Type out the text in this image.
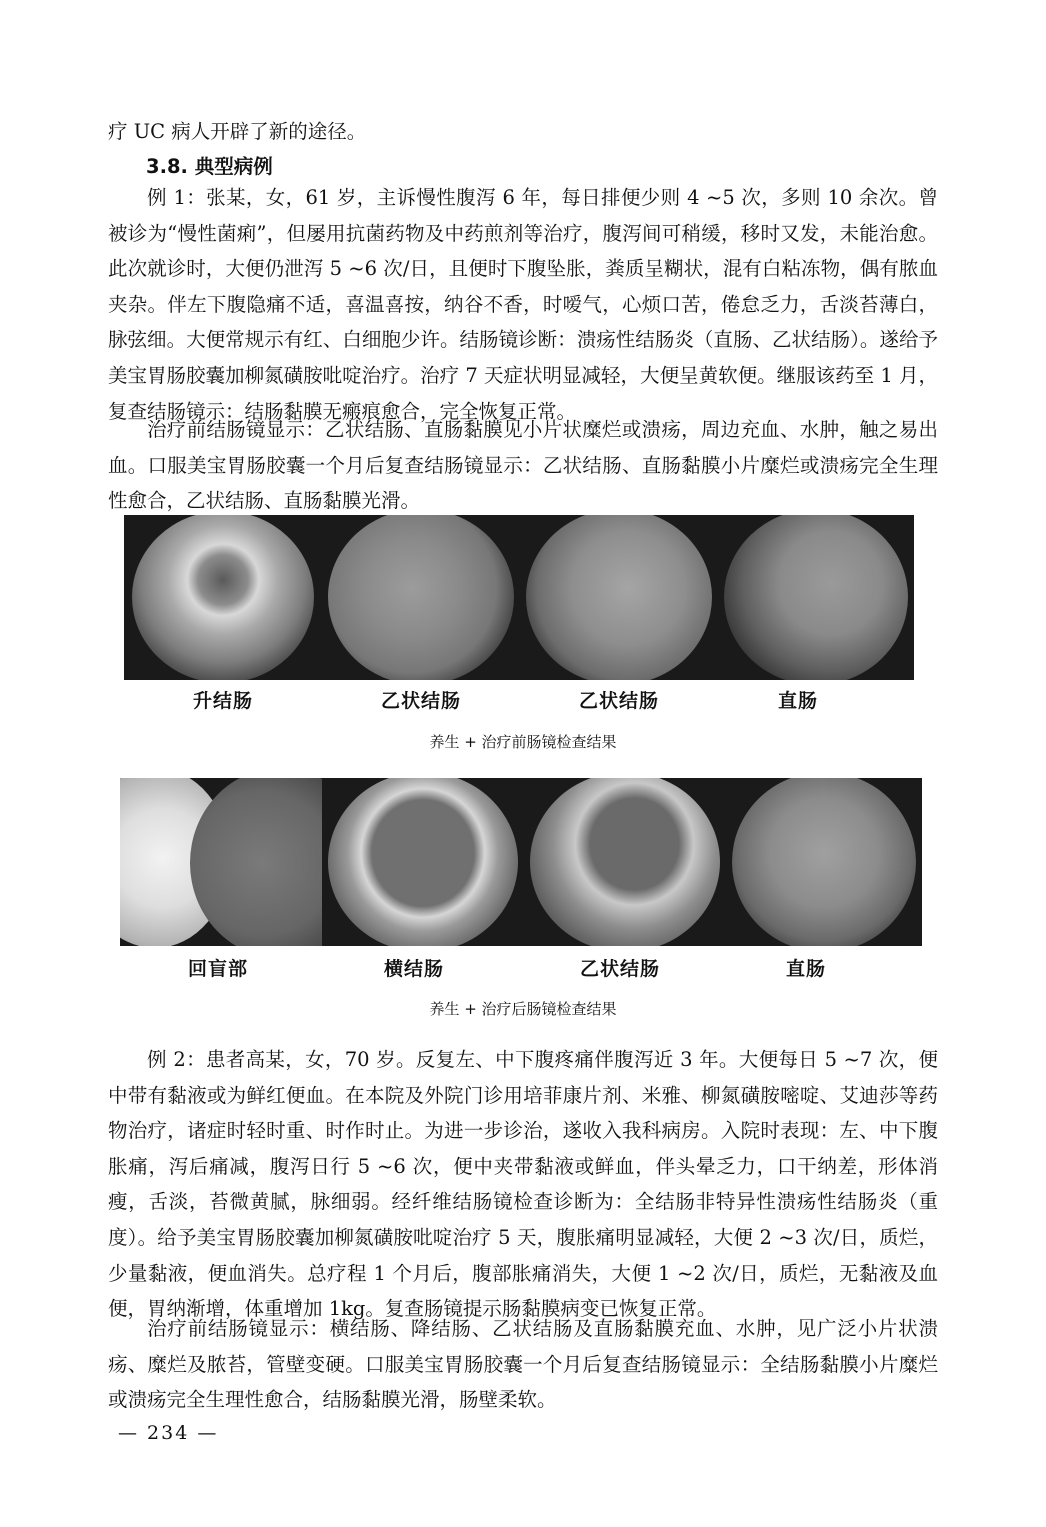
疗 UC 病人开辟了新的途径。

3.8. 典型病例

例 1：张某，女，61 岁，主诉慢性腹泻 6 年，每日排便少则 4 ~5 次，多则 10 余次。曾被诊为“慢性菌痢”，但屡用抗菌药物及中药煎剂等治疗，腹泻间可稍缓，移时又发，未能治愈。此次就诊时，大便仍泄泻 5 ~6 次/日，且便时下腹坠胀，粪质呈糊状，混有白粘冻物，偶有脓血夹杂。伴左下腹隐痛不适，喜温喜按，纳谷不香，时嗳气，心烦口苦，倦怠乏力，舌淡苔薄白，脉弦细。大便常规示有红、白细胞少许。结肠镜诊断：溃疡性结肠炎（直肠、乙状结肠）。遂给予美宝胃肠胶囊加柳氮磺胺吡啶治疗。治疗 7 天症状明显减轻，大便呈黄软便。继服该药至 1 月，复查结肠镜示：结肠黏膜无瘢痕愈合，完全恢复正常。

治疗前结肠镜显示：乙状结肠、直肠黏膜见小片状糜烂或溃疡，周边充血、水肿，触之易出血。口服美宝胃肠胶囊一个月后复查结肠镜显示：乙状结肠、直肠黏膜小片糜烂或溃疡完全生理性愈合，乙状结肠、直肠黏膜光滑。

升结肠	乙状结肠	乙状结肠	直肠
养生 + 治疗前肠镜检查结果
回盲部	横结肠	乙状结肠	直肠
养生 + 治疗后肠镜检查结果

例 2：患者高某，女，70 岁。反复左、中下腹疼痛伴腹泻近 3 年。大便每日 5 ~7 次，便中带有黏液或为鲜红便血。在本院及外院门诊用培菲康片剂、米雅、柳氮磺胺嘧啶、艾迪莎等药物治疗，诸症时轻时重、时作时止。为进一步诊治，遂收入我科病房。入院时表现：左、中下腹胀痛，泻后痛减，腹泻日行 5 ~6 次，便中夹带黏液或鲜血，伴头晕乏力，口干纳差，形体消瘦，舌淡，苔微黄腻，脉细弱。经纤维结肠镜检查诊断为：全结肠非特异性溃疡性结肠炎（重度）。给予美宝胃肠胶囊加柳氮磺胺吡啶治疗 5 天，腹胀痛明显减轻，大便 2 ~3 次/日，质烂，少量黏液，便血消失。总疗程 1 个月后，腹部胀痛消失，大便 1 ~2 次/日，质烂，无黏液及血便，胃纳渐增，体重增加 1kg。复查肠镜提示肠黏膜病变已恢复正常。

治疗前结肠镜显示：横结肠、降结肠、乙状结肠及直肠黏膜充血、水肿，见广泛小片状溃疡、糜烂及脓苔，管壁变硬。口服美宝胃肠胶囊一个月后复查结肠镜显示：全结肠黏膜小片糜烂或溃疡完全生理性愈合，结肠黏膜光滑，肠壁柔软。

— 234 —
